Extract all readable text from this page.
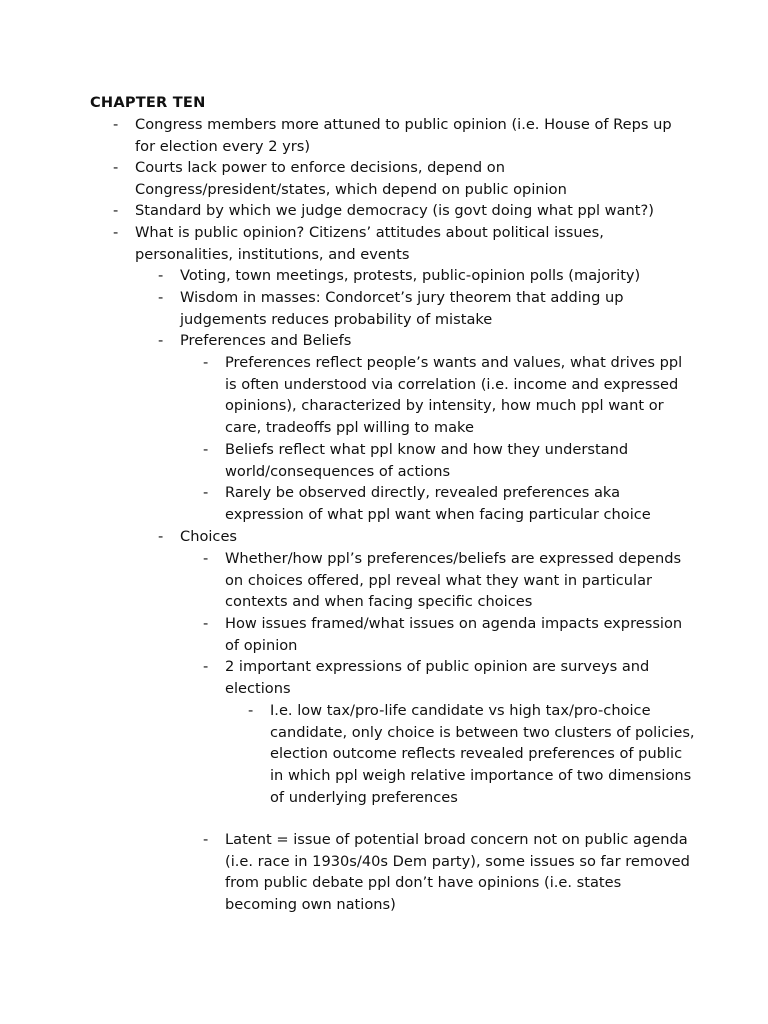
CHAPTER TEN
- Congress members more attuned to public opinion (i.e. House of Reps up for election every 2 yrs)
- Courts lack power to enforce decisions, depend on Congress/president/states, which depend on public opinion
- Standard by which we judge democracy (is govt doing what ppl want?)
- What is public opinion? Citizens’ attitudes about political issues, personalities, institutions, and events
- Voting, town meetings, protests, public-opinion polls (majority)
- Wisdom in masses: Condorcet’s jury theorem that adding up judgements reduces probability of mistake
- Preferences and Beliefs
- Preferences reflect people’s wants and values, what drives ppl is often understood via correlation (i.e. income and expressed opinions), characterized by intensity, how much ppl want or care, tradeoffs ppl willing to make
- Beliefs reflect what ppl know and how they understand world/consequences of actions
- Rarely be observed directly, revealed preferences aka expression of what ppl want when facing particular choice
- Choices
- Whether/how ppl’s preferences/beliefs are expressed depends on choices offered, ppl reveal what they want in particular contexts and when facing specific choices
- How issues framed/what issues on agenda impacts expression of opinion
- 2 important expressions of public opinion are surveys and elections
- I.e. low tax/pro-life candidate vs high tax/pro-choice candidate, only choice is between two clusters of policies, election outcome reflects revealed preferences of public in which ppl weigh relative importance of two dimensions of underlying preferences
- Latent = issue of potential broad concern not on public agenda (i.e. race in 1930s/40s Dem party), some issues so far removed from public debate ppl don’t have opinions (i.e. states becoming own nations)
